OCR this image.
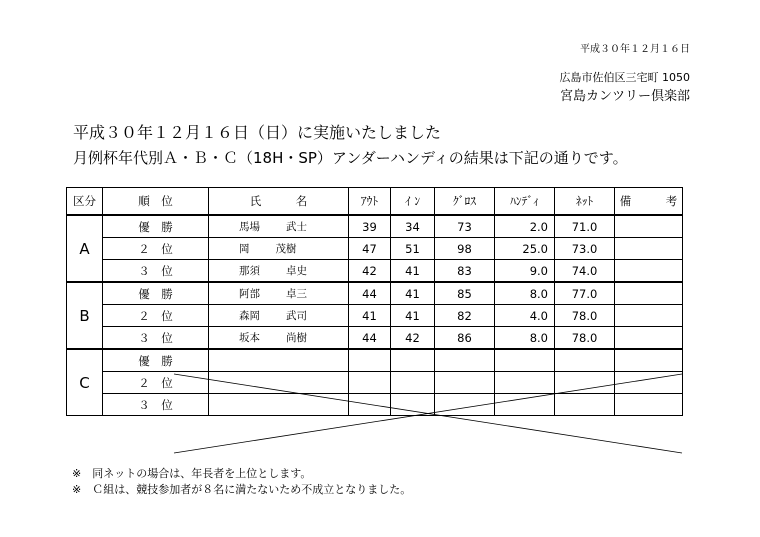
平成３０年１２月１６日
広島市佐伯区三宅町 1050
宮島カンツリー倶楽部
平成３０年１２月１６日（日）に実施いたしました
月例杯年代別Ａ・Ｂ・Ｃ（18H・SP）アンダーハンディの結果は下記の通りです。
区分	順　位	氏　　　名	ｱｳﾄ	ｲ ﾝ	ｸﾞﾛｽ	ﾊﾝﾃﾞｨ	ﾈｯﾄ	備　　　考
A	優　勝	馬場 武士	39	34	73	2.0	71.0	
	２　位	岡 茂樹	47	51	98	25.0	73.0	
	３　位	那須 卓史	42	41	83	9.0	74.0	
B	優　勝	阿部 卓三	44	41	85	8.0	77.0	
	２　位	森岡 武司	41	41	82	4.0	78.0	
	３　位	坂本 尚樹	44	42	86	8.0	78.0	
C	優　勝							
	２　位							
	３　位							
※　同ネットの場合は、年長者を上位とします。
※　Ｃ組は、競技参加者が８名に満たないため不成立となりました。
